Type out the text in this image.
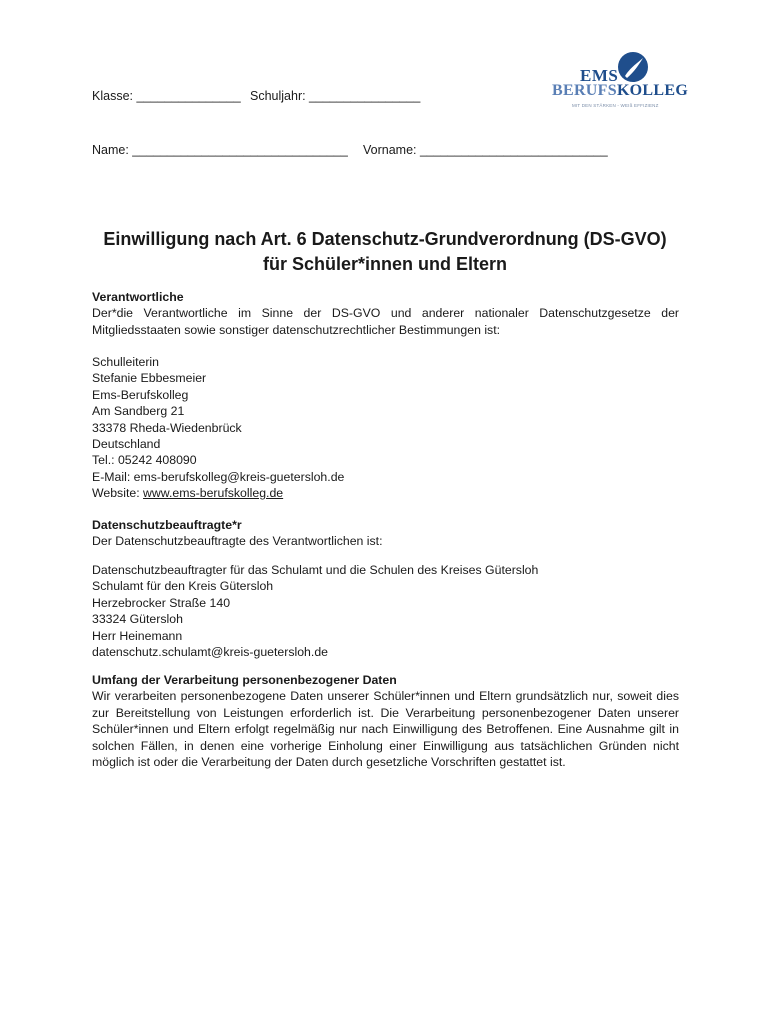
Klasse: _______________ Schuljahr: ________________
Name: _______________________________ Vorname: ___________________________
EMS
BERUFSKOLLEG
MIT DEN STÄRKEN - WEIß EFFIZIENZ
Einwilligung nach Art. 6 Datenschutz-Grundverordnung (DS-GVO)
für Schüler*innen und Eltern
Verantwortliche
Der*die Verantwortliche im Sinne der DS-GVO und anderer nationaler Datenschutzgesetze der Mitgliedsstaaten sowie sonstiger datenschutzrechtlicher Bestimmungen ist:
Schulleiterin
Stefanie Ebbesmeier
Ems-Berufskolleg
Am Sandberg 21
33378 Rheda-Wiedenbrück
Deutschland
Tel.: 05242 408090
E-Mail: ems-berufskolleg@kreis-guetersloh.de
Website: www.ems-berufskolleg.de
Datenschutzbeauftragte*r
Der Datenschutzbeauftragte des Verantwortlichen ist:
Datenschutzbeauftragter für das Schulamt und die Schulen des Kreises Gütersloh
Schulamt für den Kreis Gütersloh
Herzebrocker Straße 140
33324 Gütersloh
Herr Heinemann
datenschutz.schulamt@kreis-guetersloh.de
Umfang der Verarbeitung personenbezogener Daten
Wir verarbeiten personenbezogene Daten unserer Schüler*innen und Eltern grundsätzlich nur, soweit dies zur Bereitstellung von Leistungen erforderlich ist. Die Verarbeitung personenbezogener Daten unserer Schüler*innen und Eltern erfolgt regelmäßig nur nach Einwilligung des Betroffenen. Eine Ausnahme gilt in solchen Fällen, in denen eine vorherige Einholung einer Einwilligung aus tatsächlichen Gründen nicht möglich ist oder die Verarbeitung der Daten durch gesetzliche Vorschriften gestattet ist.
